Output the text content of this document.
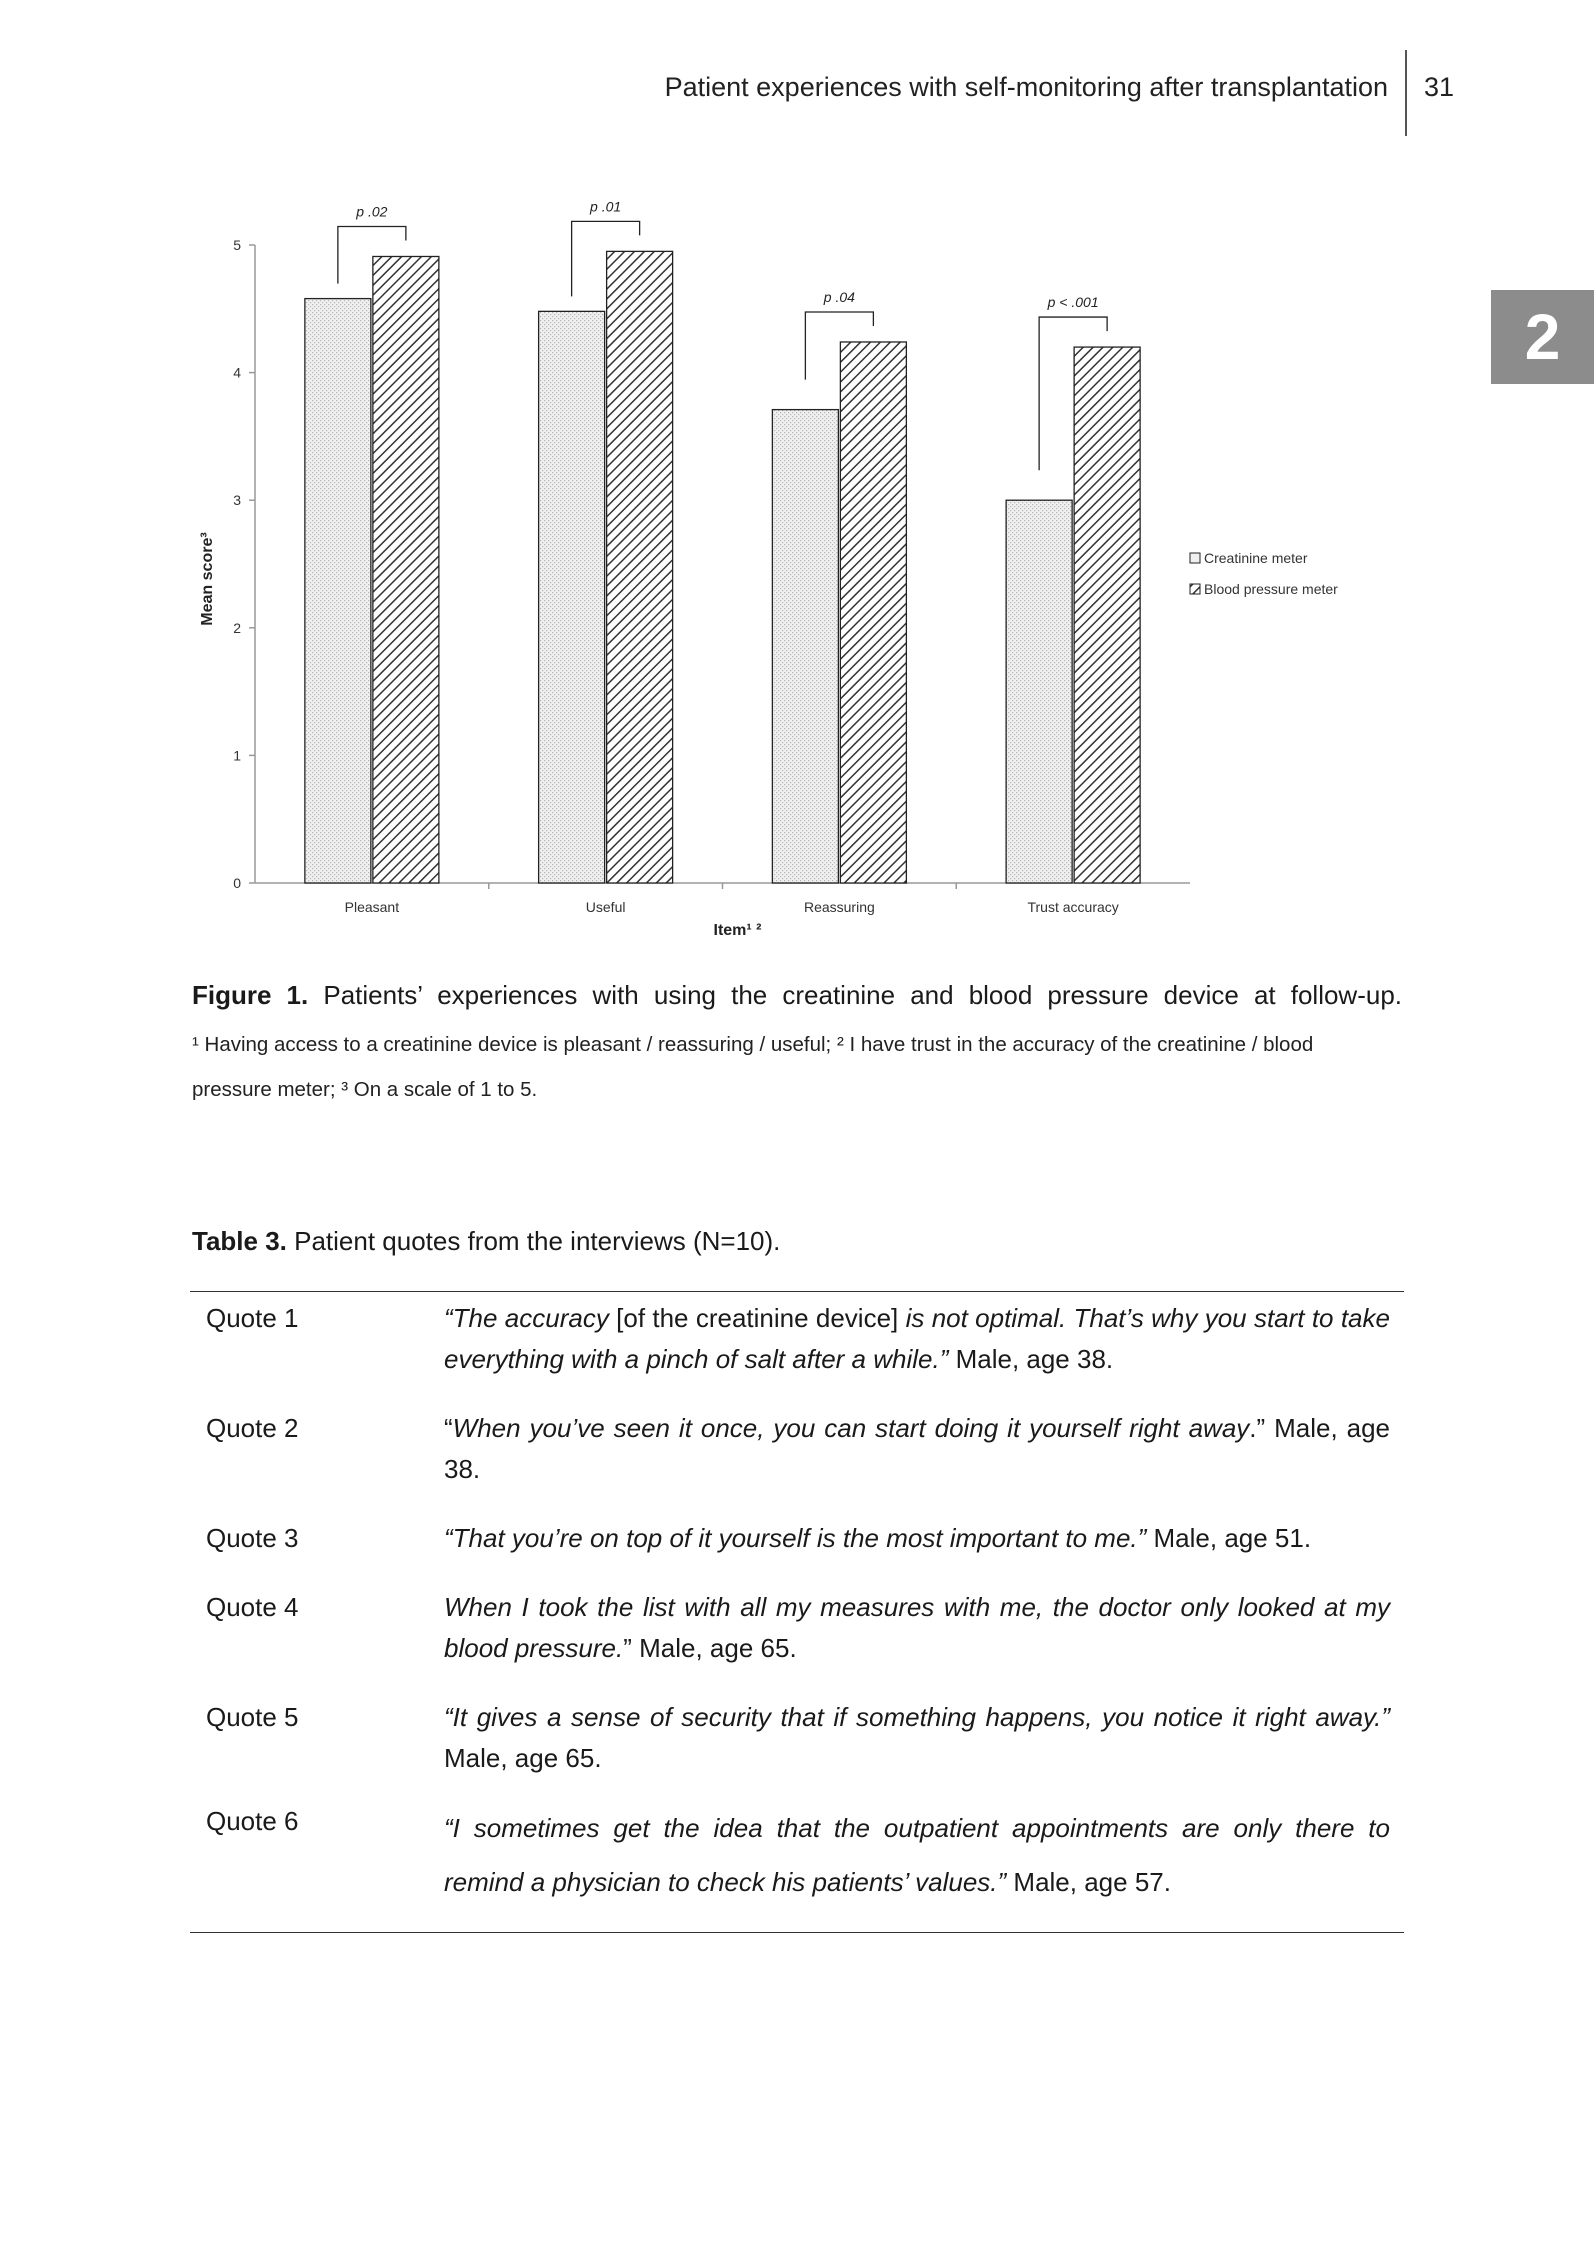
Patient experiences with self-monitoring after transplantation 31
2
0
1
2
3
4
5
Mean score³
Item¹ ²
Pleasant
p .02
Useful
p .01
Reassuring
p .04
Trust accuracy
p < .001
Creatinine meter
Blood pressure meter
Figure 1. Patients’ experiences with using the creatinine and blood pressure device at follow-up.
¹ Having access to a creatinine device is pleasant / reassuring / useful; ² I have trust in the accuracy of the creatinine / blood
pressure meter; ³ On a scale of 1 to 5.
Table 3. Patient quotes from the interviews (N=10).
Quote 1	“The accuracy [of the creatinine device] is not optimal. That’s why you start to take everything with a pinch of salt after a while.” Male, age 38.
Quote 2	“When you’ve seen it once, you can start doing it yourself right away.” Male, age 38.
Quote 3	“That you’re on top of it yourself is the most important to me.” Male, age 51.
Quote 4	When I took the list with all my measures with me, the doctor only looked at my blood pressure.” Male, age 65.
Quote 5	“It gives a sense of security that if something happens, you notice it right away.” Male, age 65.
Quote 6	“I sometimes get the idea that the outpatient appointments are only there to remind a physician to check his patients’ values.” Male, age 57.
